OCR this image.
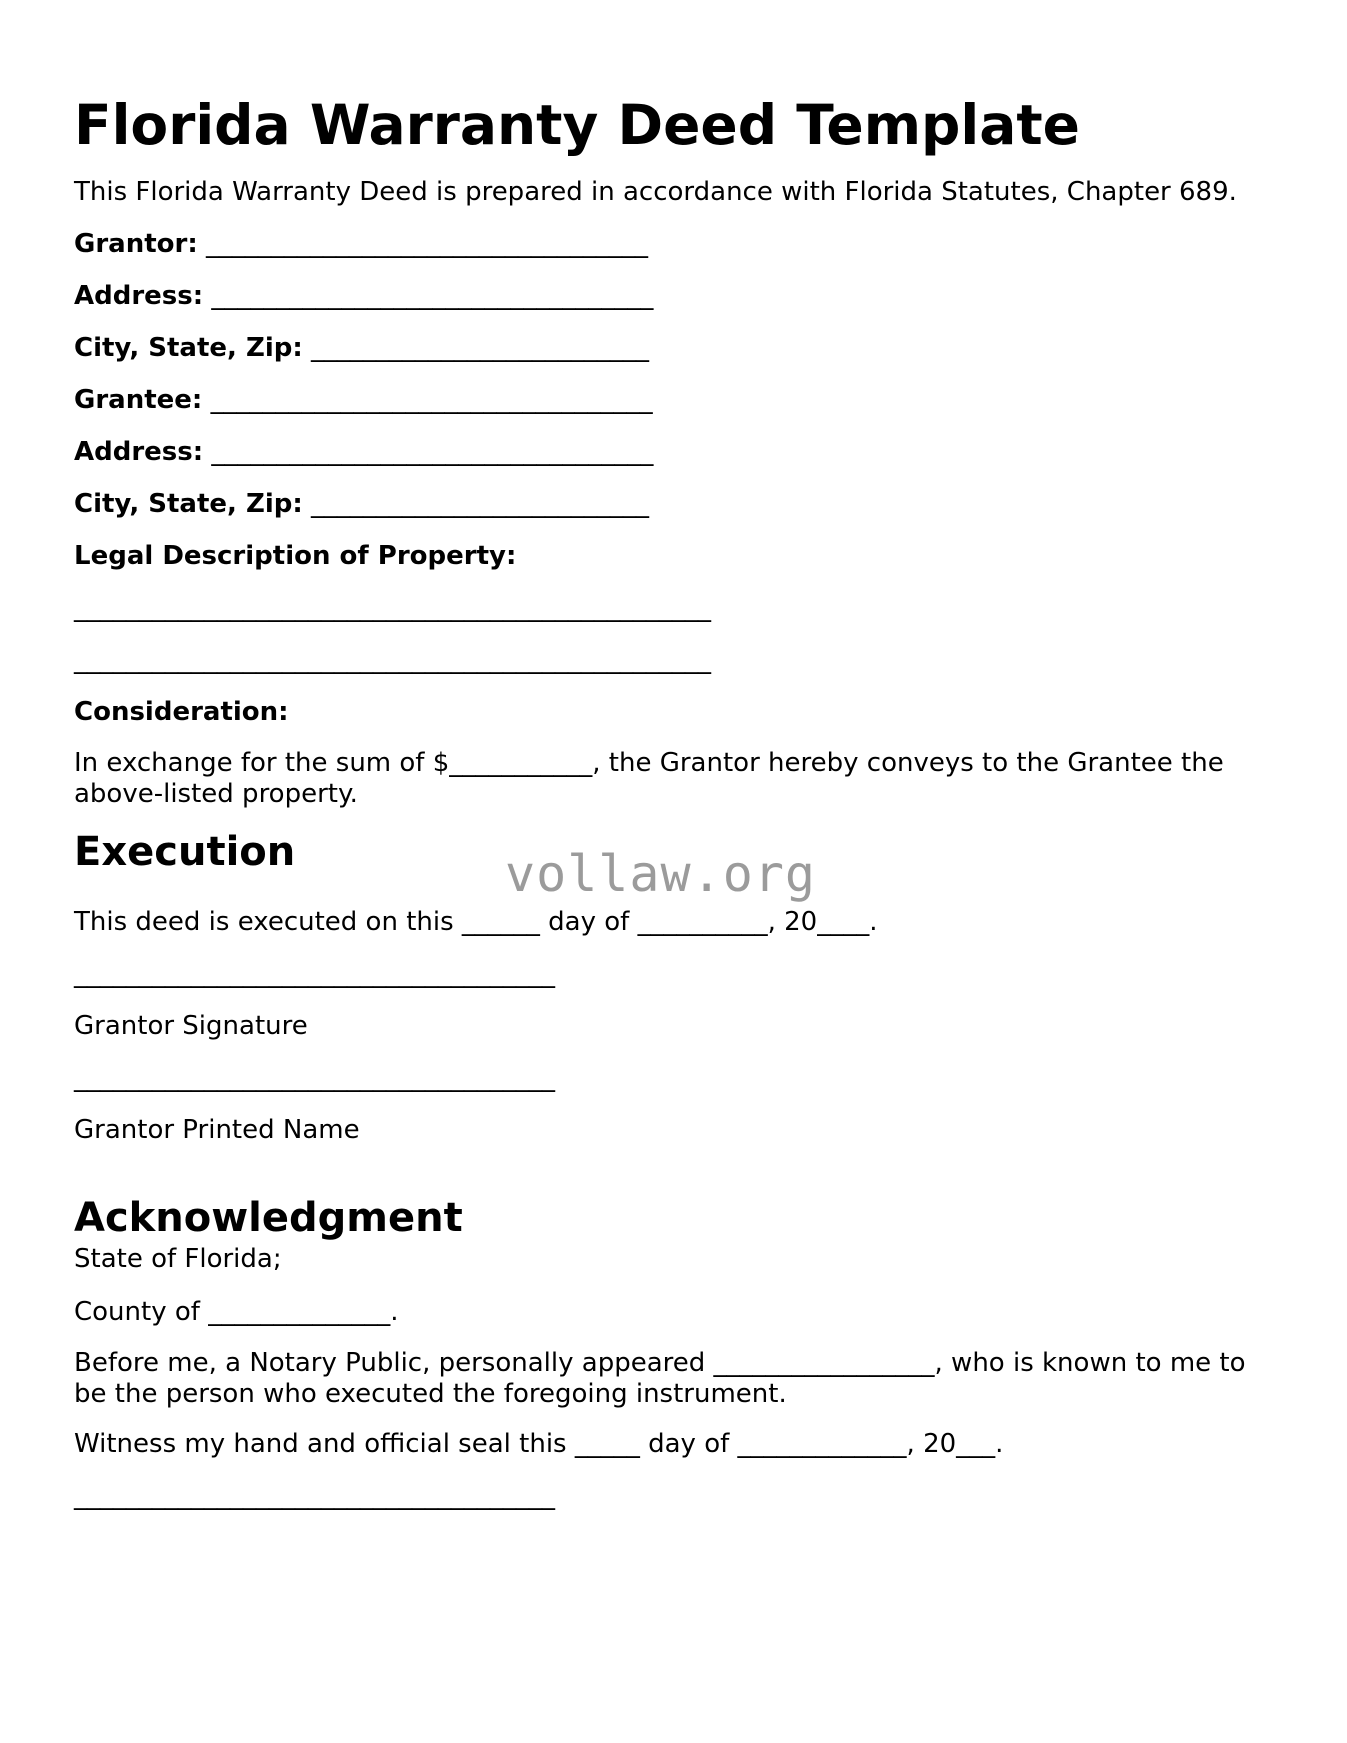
Florida Warranty Deed Template
This Florida Warranty Deed is prepared in accordance with Florida Statutes, Chapter 689.
Grantor: __________________________________
Address: __________________________________
City, State, Zip: __________________________
Grantee: __________________________________
Address: __________________________________
City, State, Zip: __________________________
Legal Description of Property:
_________________________________________________
_________________________________________________
Consideration:
In exchange for the sum of $___________, the Grantor hereby conveys to the Grantee the above-listed property.
Execution
This deed is executed on this ______ day of __________, 20____.
_____________________________________
Grantor Signature
_____________________________________
Grantor Printed Name
Acknowledgment
State of Florida;
County of ______________.
Before me, a Notary Public, personally appeared _________________, who is known to me to be the person who executed the foregoing instrument.
Witness my hand and official seal this _____ day of _____________, 20___.
_____________________________________
vollaw.org
